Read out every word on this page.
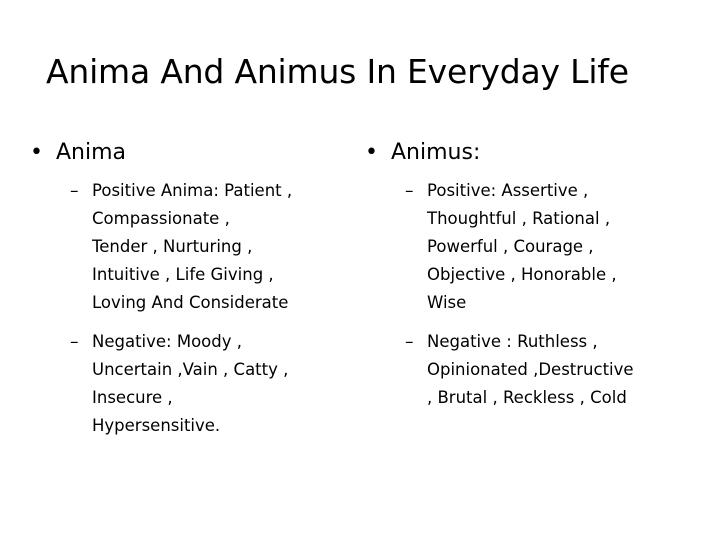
Anima And Animus In Everyday Life
• Anima
– Positive Anima: Patient ,
Compassionate ,
Tender , Nurturing ,
Intuitive , Life Giving ,
Loving And Considerate
– Negative: Moody ,
Uncertain ,Vain , Catty ,
Insecure ,
Hypersensitive.
• Animus:
– Positive: Assertive ,
Thoughtful , Rational ,
Powerful , Courage ,
Objective , Honorable ,
Wise
– Negative : Ruthless ,
Opinionated ,Destructive
, Brutal , Reckless , Cold
